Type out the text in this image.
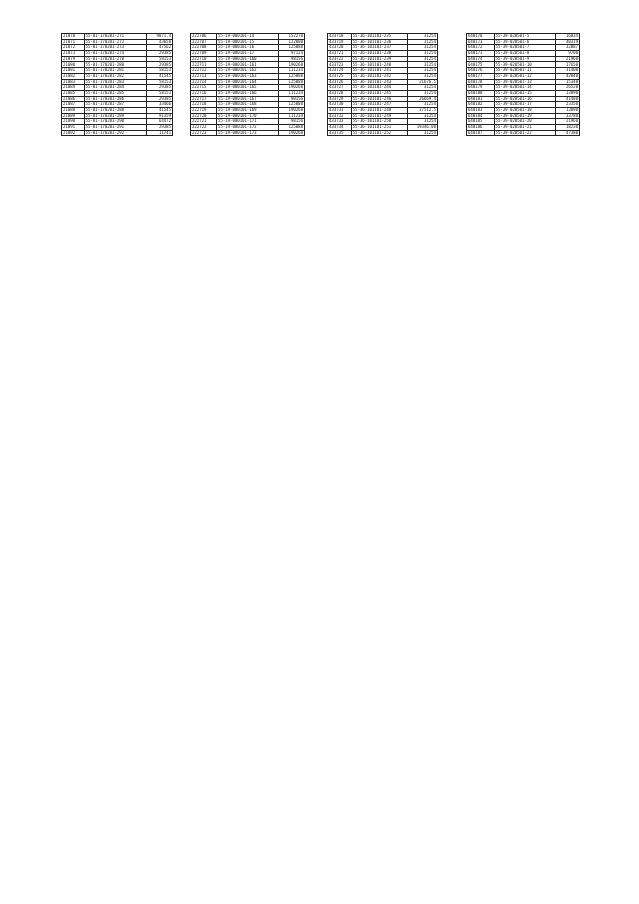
21070	55-01-170201-271	9871.4
21071	55-01-170201-272	43658
21072	55-01-170201-273	47562
21073	55-01-170201-274	29385
21079	55-01-170201-278	58153
21080	55-01-170201-280	29385
21081	55-01-170201-281	58153
21082	55-01-170201-282	41545
21083	55-01-170201-283	58153
21084	55-01-170201-284	29385
21085	55-01-170201-285	58153
21086	55-01-170201-286	29385
21087	55-01-170201-287	33466
21088	55-01-170201-288	41545
21089	55-01-170201-289	91359
21090	55-01-170201-290	64472
21091	55-01-170201-291	29385
21092	55-01-170201-292	11741
222706	55-19-080101-14	152270
222707	55-19-080101-15	122000
222708	55-19-080101-16	125088
222709	55-19-080101-17	97124
222710	55-19-080101-160	98156
222711	55-19-080101-161	190268
222712	55-19-080101-162	111234
222713	55-19-080101-163	125088
222714	55-19-080101-164	125088
222715	55-19-080101-165	190268
222716	55-19-080101-166	111234
222717	55-19-080101-167	98156
222718	55-19-080101-168	125088
222719	55-19-080101-169	190268
222720	55-19-080101-170	111234
222721	55-19-080101-171	98156
222722	55-19-080101-172	125088
222723	55-19-080101-173	190268
433718	55-36-101101-235	31254
433719	55-36-101101-236	31254
433720	55-36-101101-237	31254
433721	55-36-101101-238	31254
433722	55-36-101101-239	31254
433723	55-36-101101-240	31254
433724	55-36-101101-241	31254
433725	55-36-101101-242	31254
433726	55-36-101101-243	21676.5
433727	55-36-101101-244	31254
433728	55-36-101101-245	31254
433729	55-36-101101-246	26669.4
433730	55-36-101101-247	31254
433731	55-36-101101-248	37512.5
433732	55-36-101101-249	31254
433733	55-36-101101-250	31254
433734	55-36-101101-251	19346.08
433735	55-36-101101-252	31254
640170	55-39-020501-5	16834
640171	55-39-020501-6	40319
640172	55-39-020501-7	32087
640173	55-39-020501-8	9700
640174	55-39-020501-9	21960
640175	55-39-020501-10	17650
640176	55-39-020501-11	31400
640177	55-39-020501-12	42040
640178	55-39-020501-13	15348
640179	55-39-020501-14	26520
640180	55-39-020501-15	13890
640181	55-39-020501-16	41480
640182	55-39-020501-17	23350
640183	55-39-020501-18	13890
640184	55-39-020501-19	33780
640185	55-39-020501-20	21960
640186	55-39-020501-21	18230
640187	55-39-020501-22	47380
